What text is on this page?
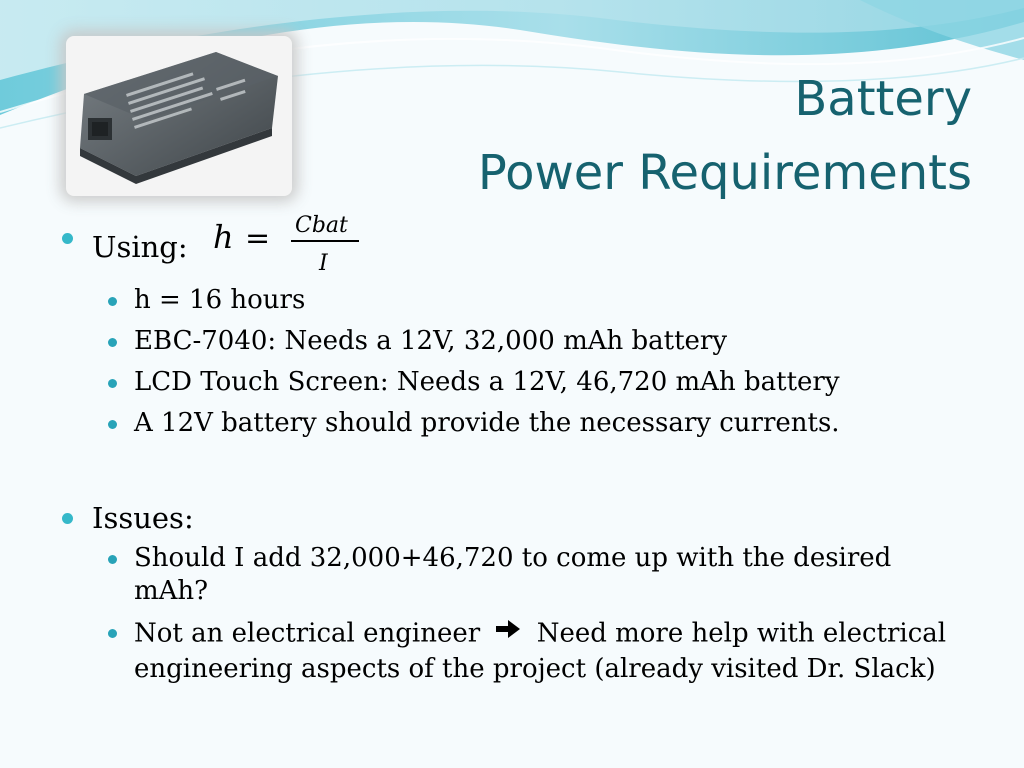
Battery
Power Requirements
Using: h = Cbat
I
h = 16 hours
EBC-7040: Needs a 12V, 32,000 mAh battery
LCD Touch Screen: Needs a 12V, 46,720 mAh battery
A 12V battery should provide the necessary currents.
Issues:
Should I add 32,000+46,720 to come up with the desired mAh?
Not an electrical engineer Need more help with electrical engineering aspects of the project (already visited Dr. Slack)
